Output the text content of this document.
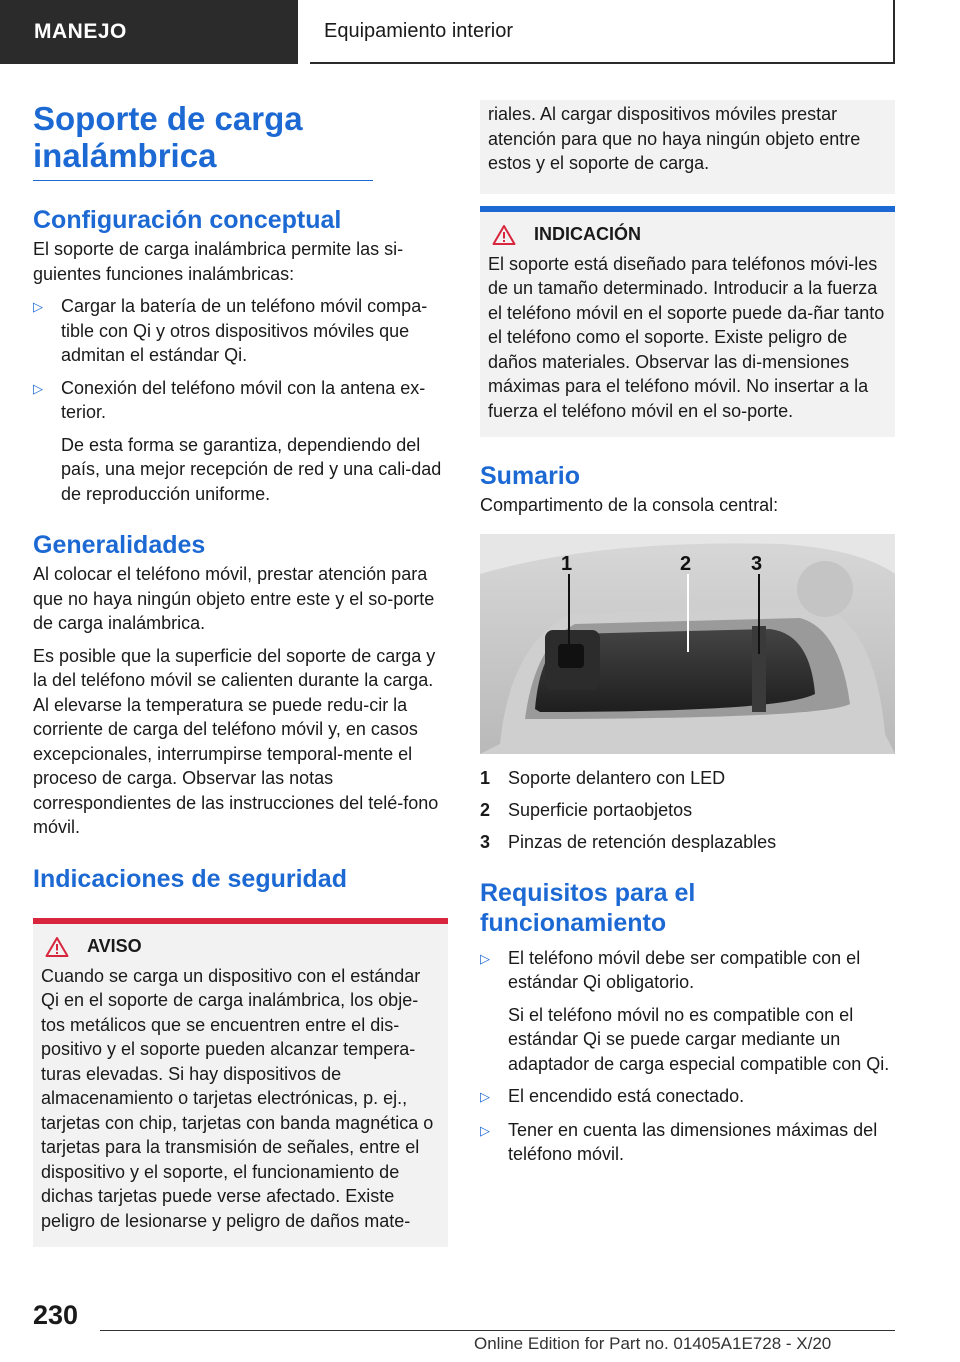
MANEJO	Equipamiento interior
Soporte de carga inalámbrica
Configuración conceptual

El soporte de carga inalámbrica permite las si-guientes funciones inalámbricas:

▷	Cargar la batería de un teléfono móvil compa-tible con Qi y otros dispositivos móviles que admitan el estándar Qi.
▷	Conexión del teléfono móvil con la antena ex-terior.

De esta forma se garantiza, dependiendo del país, una mejor recepción de red y una cali-dad de reproducción uniforme.

Generalidades

Al colocar el teléfono móvil, prestar atención para que no haya ningún objeto entre este y el so-porte de carga inalámbrica.

Es posible que la superficie del soporte de carga y la del teléfono móvil se calienten durante la carga. Al elevarse la temperatura se puede redu-cir la corriente de carga del teléfono móvil y, en casos excepcionales, interrumpirse temporal-mente el proceso de carga. Observar las notas correspondientes de las instrucciones del telé-fono móvil.

Indicaciones de seguridad
AVISO

Cuando se carga un dispositivo con el estándar Qi en el soporte de carga inalámbrica, los obje-tos metálicos que se encuentren entre el dis-positivo y el soporte pueden alcanzar tempera-turas elevadas. Si hay dispositivos de almacenamiento o tarjetas electrónicas, p. ej., tarjetas con chip, tarjetas con banda magnética o tarjetas para la transmisión de señales, entre el dispositivo y el soporte, el funcionamiento de dichas tarjetas puede verse afectado. Existe peligro de lesionarse y peligro de daños mate-

riales. Al cargar dispositivos móviles prestar atención para que no haya ningún objeto entre estos y el soporte de carga.

INDICACIÓN

El soporte está diseñado para teléfonos móvi-les de un tamaño determinado. Introducir a la fuerza el teléfono móvil en el soporte puede da-ñar tanto el teléfono como el soporte. Existe peligro de daños materiales. Observar las di-mensiones máximas para el teléfono móvil. No insertar a la fuerza el teléfono móvil en el so-porte.

Sumario

Compartimento de la consola central:

1	2	3
1 Soporte delantero con LED
2 Superficie portaobjetos
3 Pinzas de retención desplazables
Requisitos para el funcionamiento
▷	El teléfono móvil debe ser compatible con el estándar Qi obligatorio.

Si el teléfono móvil no es compatible con el estándar Qi se puede cargar mediante un adaptador de carga especial compatible con Qi.

▷	El encendido está conectado.
▷	Tener en cuenta las dimensiones máximas del teléfono móvil.
230
Online Edition for Part no. 01405A1E728 - X/20
